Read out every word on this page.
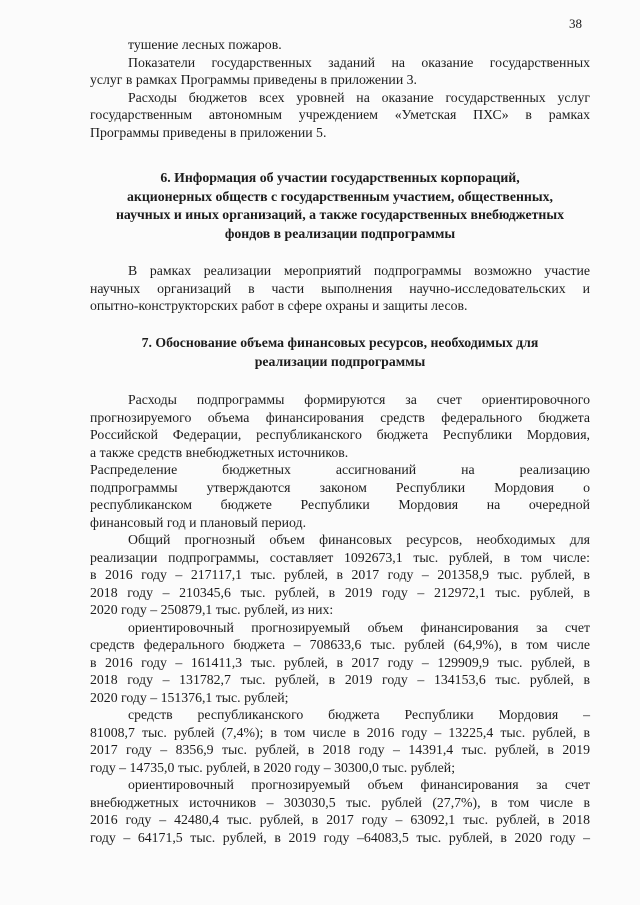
38
тушение лесных пожаров.
Показатели государственных заданий на оказание государственных
услуг в рамках Программы приведены в приложении 3.
Расходы бюджетов всех уровней на оказание государственных услуг
государственным автономным учреждением «Уметская ПХС» в рамках
Программы приведены в приложении 5.
6. Информация об участии государственных корпораций,
акционерных обществ с государственным участием, общественных,
научных и иных организаций, а также государственных внебюджетных
фондов в реализации подпрограммы
В рамках реализации мероприятий подпрограммы возможно участие
научных организаций в части выполнения научно-исследовательских и
опытно-конструкторских работ в сфере охраны и защиты лесов.
7. Обоснование объема финансовых ресурсов, необходимых для
реализации подпрограммы
Расходы подпрограммы формируются за счет ориентировочного
прогнозируемого объема финансирования средств федерального бюджета
Российской Федерации, республиканского бюджета Республики Мордовия,
а также средств внебюджетных источников.
Распределение бюджетных ассигнований на реализацию
подпрограммы утверждаются законом Республики Мордовия о
республиканском бюджете Республики Мордовия на очередной
финансовый год и плановый период.
Общий прогнозный объем финансовых ресурсов, необходимых для
реализации подпрограммы, составляет 1092673,1 тыс. рублей, в том числе:
в 2016 году – 217117,1 тыс. рублей, в 2017 году – 201358,9 тыс. рублей, в
2018 году – 210345,6 тыс. рублей, в 2019 году – 212972,1 тыс. рублей, в
2020 году – 250879,1 тыс. рублей, из них:
ориентировочный прогнозируемый объем финансирования за счет
средств федерального бюджета – 708633,6 тыс. рублей (64,9%), в том числе
в 2016 году – 161411,3 тыс. рублей, в 2017 году – 129909,9 тыс. рублей, в
2018 году – 131782,7 тыс. рублей, в 2019 году – 134153,6 тыс. рублей, в
2020 году – 151376,1 тыс. рублей;
средств республиканского бюджета Республики Мордовия –
81008,7 тыс. рублей (7,4%); в том числе в 2016 году – 13225,4 тыс. рублей, в
2017 году – 8356,9 тыс. рублей, в 2018 году – 14391,4 тыс. рублей, в 2019
году – 14735,0 тыс. рублей, в 2020 году – 30300,0 тыс. рублей;
ориентировочный прогнозируемый объем финансирования за счет
внебюджетных источников – 303030,5 тыс. рублей (27,7%), в том числе в
2016 году – 42480,4 тыс. рублей, в 2017 году – 63092,1 тыс. рублей, в 2018
году – 64171,5 тыс. рублей, в 2019 году –64083,5 тыс. рублей, в 2020 году –
